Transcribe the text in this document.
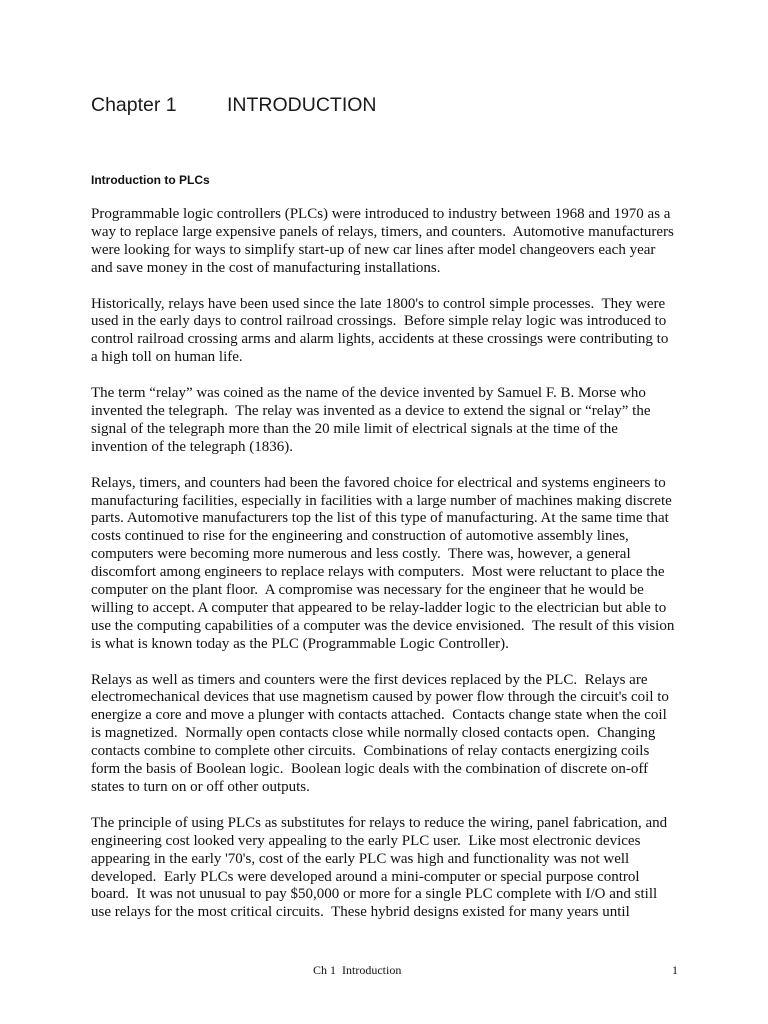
Chapter 1	INTRODUCTION
Introduction to PLCs
Programmable logic controllers (PLCs) were introduced to industry between 1968 and 1970 as a
way to replace large expensive panels of relays, timers, and counters.  Automotive manufacturers
were looking for ways to simplify start-up of new car lines after model changeovers each year
and save money in the cost of manufacturing installations.
Historically, relays have been used since the late 1800's to control simple processes.  They were
used in the early days to control railroad crossings.  Before simple relay logic was introduced to
control railroad crossing arms and alarm lights, accidents at these crossings were contributing to
a high toll on human life.
The term “relay” was coined as the name of the device invented by Samuel F. B. Morse who
invented the telegraph.  The relay was invented as a device to extend the signal or “relay” the
signal of the telegraph more than the 20 mile limit of electrical signals at the time of the
invention of the telegraph (1836).
Relays, timers, and counters had been the favored choice for electrical and systems engineers to
manufacturing facilities, especially in facilities with a large number of machines making discrete
parts. Automotive manufacturers top the list of this type of manufacturing. At the same time that
costs continued to rise for the engineering and construction of automotive assembly lines,
computers were becoming more numerous and less costly.  There was, however, a general
discomfort among engineers to replace relays with computers.  Most were reluctant to place the
computer on the plant floor.  A compromise was necessary for the engineer that he would be
willing to accept. A computer that appeared to be relay-ladder logic to the electrician but able to
use the computing capabilities of a computer was the device envisioned.  The result of this vision
is what is known today as the PLC (Programmable Logic Controller).
Relays as well as timers and counters were the first devices replaced by the PLC.  Relays are
electromechanical devices that use magnetism caused by power flow through the circuit's coil to
energize a core and move a plunger with contacts attached.  Contacts change state when the coil
is magnetized.  Normally open contacts close while normally closed contacts open.  Changing
contacts combine to complete other circuits.  Combinations of relay contacts energizing coils
form the basis of Boolean logic.  Boolean logic deals with the combination of discrete on-off
states to turn on or off other outputs.
The principle of using PLCs as substitutes for relays to reduce the wiring, panel fabrication, and
engineering cost looked very appealing to the early PLC user.  Like most electronic devices
appearing in the early '70's, cost of the early PLC was high and functionality was not well
developed.  Early PLCs were developed around a mini-computer or special purpose control
board.  It was not unusual to pay $50,000 or more for a single PLC complete with I/O and still
use relays for the most critical circuits.  These hybrid designs existed for many years until
Ch 1  Introduction	1
